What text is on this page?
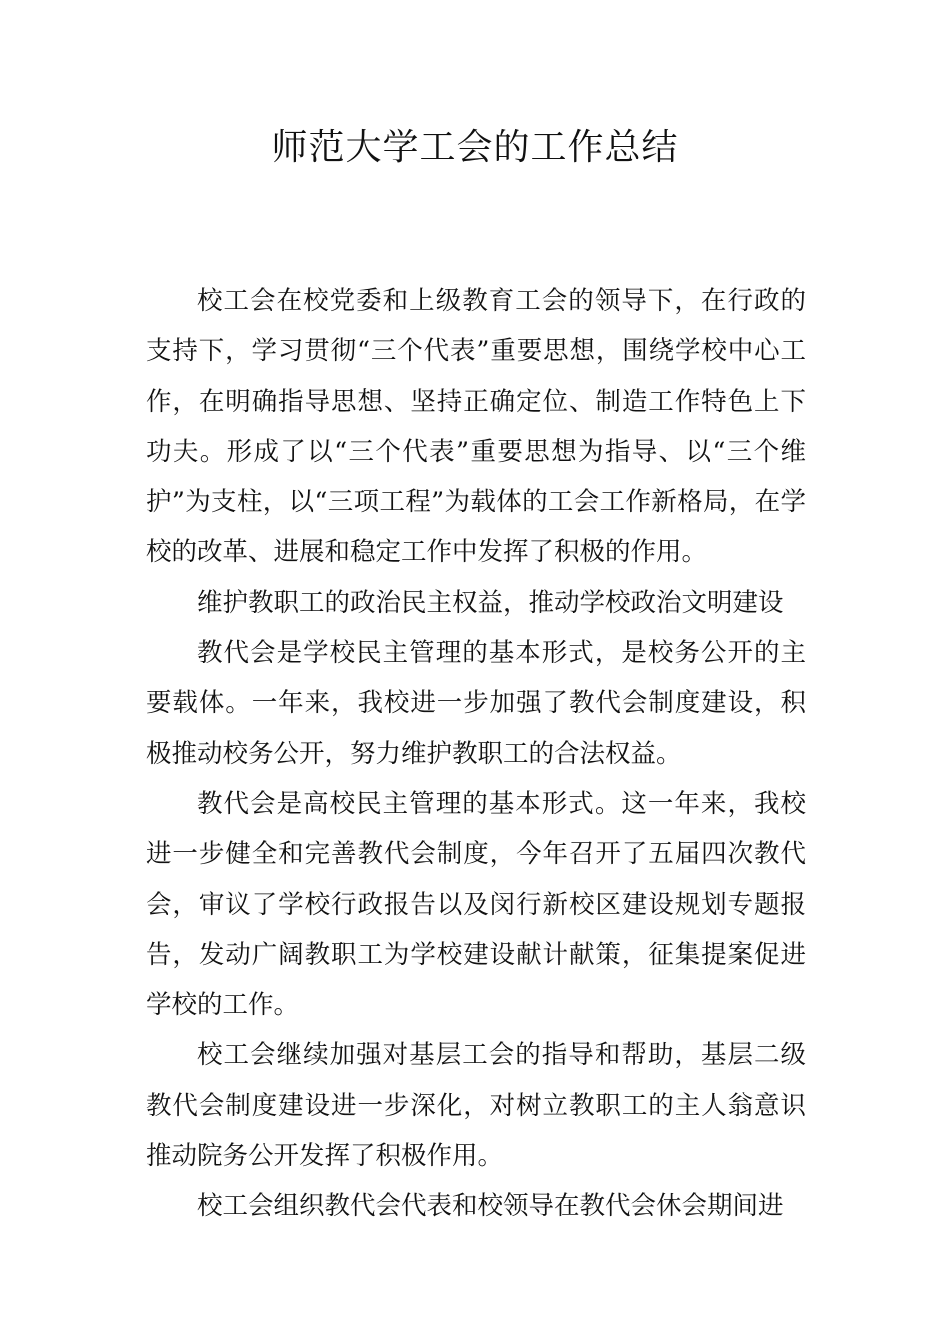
师范大学工会的工作总结

校工会在校党委和上级教育工会的领导下，在行政的支持下，学习贯彻“三个代表”重要思想，围绕学校中心工作，在明确指导思想、坚持正确定位、制造工作特色上下功夫。形成了以“三个代表”重要思想为指导、以“三个维护”为支柱，以“三项工程”为载体的工会工作新格局，在学校的改革、进展和稳定工作中发挥了积极的作用。

维护教职工的政治民主权益，推动学校政治文明建设

教代会是学校民主管理的基本形式，是校务公开的主要载体。一年来，我校进一步加强了教代会制度建设，积极推动校务公开，努力维护教职工的合法权益。

教代会是高校民主管理的基本形式。这一年来，我校进一步健全和完善教代会制度，今年召开了五届四次教代会，审议了学校行政报告以及闵行新校区建设规划专题报告，发动广阔教职工为学校建设献计献策，征集提案促进学校的工作。

校工会继续加强对基层工会的指导和帮助，基层二级教代会制度建设进一步深化，对树立教职工的主人翁意识推动院务公开发挥了积极作用。

校工会组织教代会代表和校领导在教代会休会期间进
